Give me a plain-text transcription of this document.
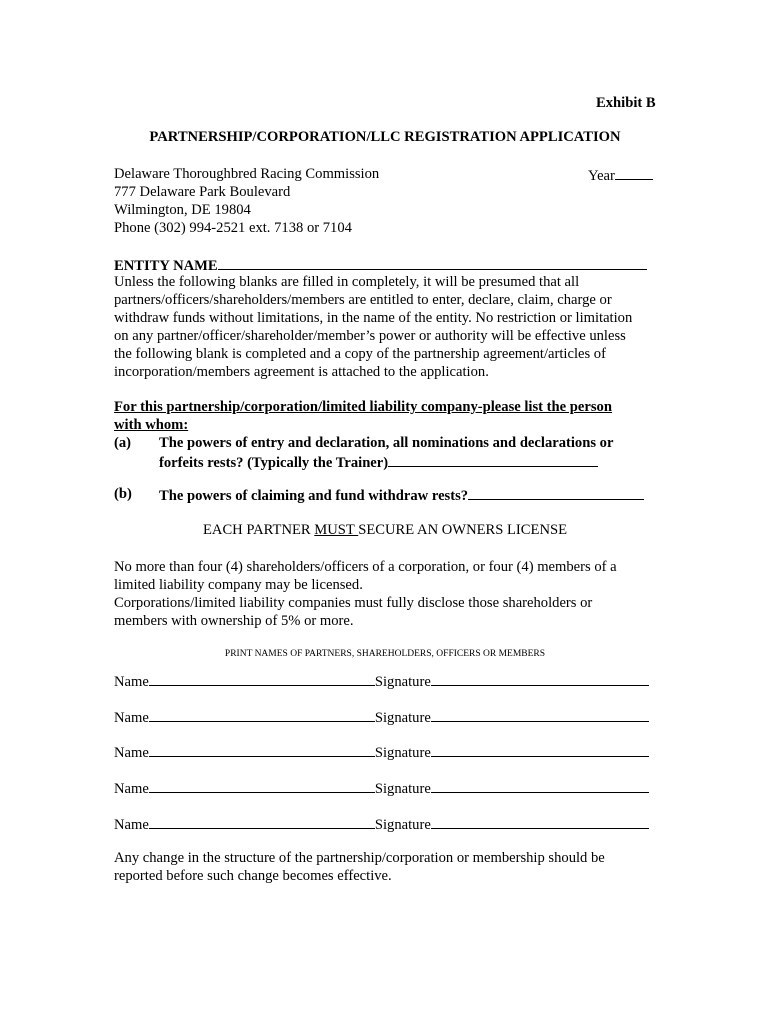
Exhibit B
PARTNERSHIP/CORPORATION/LLC REGISTRATION APPLICATION
Delaware Thoroughbred Racing Commission
777 Delaware Park Boulevard
Wilmington, DE 19804
Phone (302) 994-2521 ext. 7138 or 7104
Year
ENTITY NAME
Unless the following blanks are filled in completely, it will be presumed that all
partners/officers/shareholders/members are entitled to enter, declare, claim, charge or
withdraw funds without limitations, in the name of the entity. No restriction or limitation
on any partner/officer/shareholder/member’s power or authority will be effective unless
the following blank is completed and a copy of the partnership agreement/articles of
incorporation/members agreement is attached to the application.
For this partnership/corporation/limited liability company-please list the person
with whom:
(a) The powers of entry and declaration, all nominations and declarations or
forfeits rests? (Typically the Trainer)
(b) The powers of claiming and fund withdraw rests?
EACH PARTNER MUST SECURE AN OWNERS LICENSE
No more than four (4) shareholders/officers of a corporation, or four (4) members of a
limited liability company may be licensed.
Corporations/limited liability companies must fully disclose those shareholders or
members with ownership of 5% or more.
PRINT NAMES OF PARTNERS, SHAREHOLDERS, OFFICERS OR MEMBERS
Name	Signature
Name	Signature
Name	Signature
Name	Signature
Name	Signature
Any change in the structure of the partnership/corporation or membership should be
reported before such change becomes effective.
